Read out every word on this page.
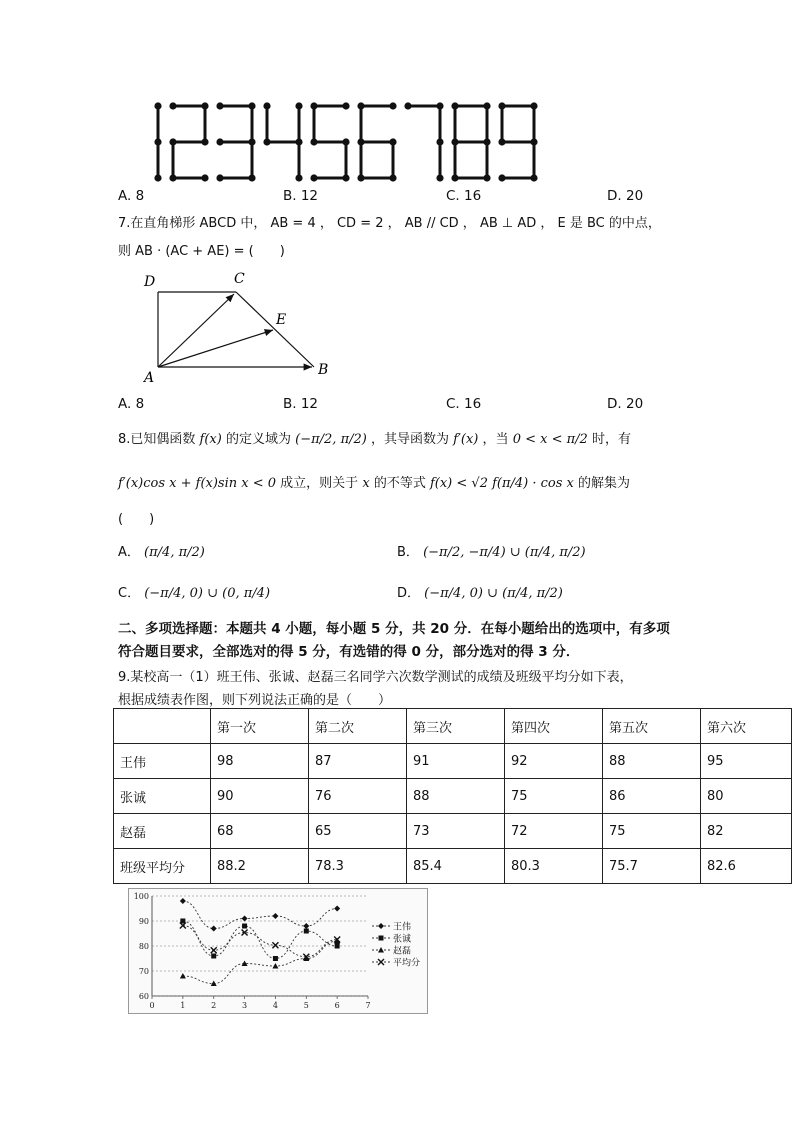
A. 8	B. 12	C. 16	D. 20
7.在直角梯形 ABCD 中， AB = 4 ， CD = 2 ， AB // CD ， AB ⊥ AD ， E 是 BC 的中点，
则 AB · (AC + AE) = (　　)
D	C
E
A	B
A. 8	B. 12	C. 16	D. 20
8.已知偶函数 f(x) 的定义域为 (−π/2, π/2) ，其导函数为 f′(x) ，当 0 < x < π/2 时，有
f′(x)cos x + f(x)sin x < 0 成立，则关于 x 的不等式 f(x) < √2 f(π/4) · cos x 的解集为
(　　)
A． (π/4, π/2)	B． (−π/2, −π/4) ∪ (π/4, π/2)
C． (−π/4, 0) ∪ (0, π/4)	D． (−π/4, 0) ∪ (π/4, π/2)
二、多项选择题：本题共 4 小题，每小题 5 分，共 20 分．在每小题给出的选项中，有多项
符合题目要求，全部选对的得 5 分，有选错的得 0 分，部分选对的得 3 分．
9.某校高一（1）班王伟、张诚、赵磊三名同学六次数学测试的成绩及班级平均分如下表，
根据成绩表作图，则下列说法正确的是（　　）
	第一次	第二次	第三次	第四次	第五次	第六次
王伟	98	87	91	92	88	95
张诚	90	76	88	75	86	80
赵磊	68	65	73	72	75	82
班级平均分	88.2	78.3	85.4	80.3	75.7	82.6
60
70
80
90
100
0	1	2	3	4	5	6	7
王伟
张诚
赵磊
平均分
